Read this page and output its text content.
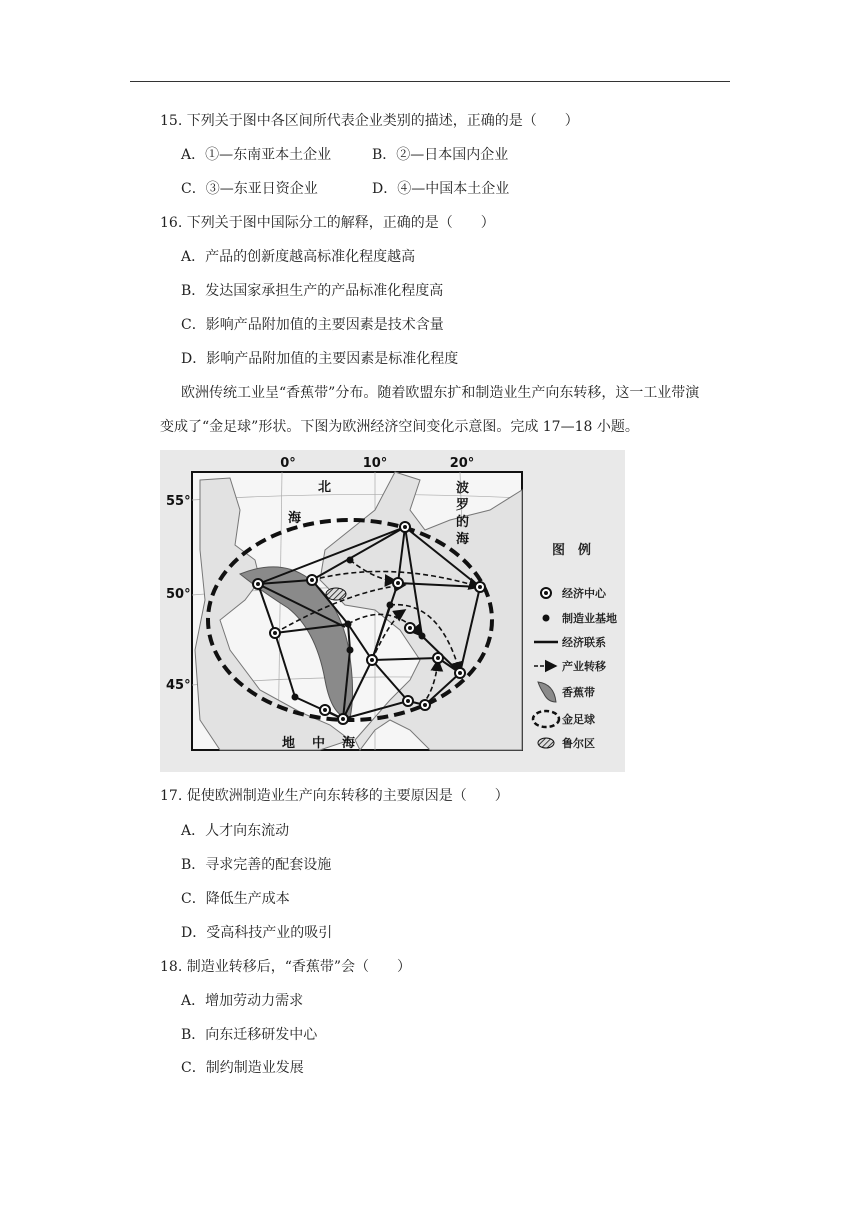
15. 下列关于图中各区间所代表企业类别的描述，正确的是（　　）
A．①—东南亚本土企业	B．②—日本国内企业
C．③—东亚日资企业	D．④—中国本土企业
16. 下列关于图中国际分工的解释，正确的是（　　）
A．产品的创新度越高标准化程度越高
B．发达国家承担生产的产品标准化程度高
C．影响产品附加值的主要因素是技术含量
D．影响产品附加值的主要因素是标准化程度
欧洲传统工业呈“香蕉带”分布。随着欧盟东扩和制造业生产向东转移，这一工业带演
变成了“金足球”形状。下图为欧洲经济空间变化示意图。完成 17—18 小题。
0°	10°	20°
55°
50°
45°
北
海
波
罗
的
海
地 中 海
图　例
经济中心
制造业基地
经济联系
产业转移
香蕉带
金足球
鲁尔区
17. 促使欧洲制造业生产向东转移的主要原因是（　　）
A．人才向东流动
B．寻求完善的配套设施
C．降低生产成本
D．受高科技产业的吸引
18. 制造业转移后，“香蕉带”会（　　）
A．增加劳动力需求
B．向东迁移研发中心
C．制约制造业发展
